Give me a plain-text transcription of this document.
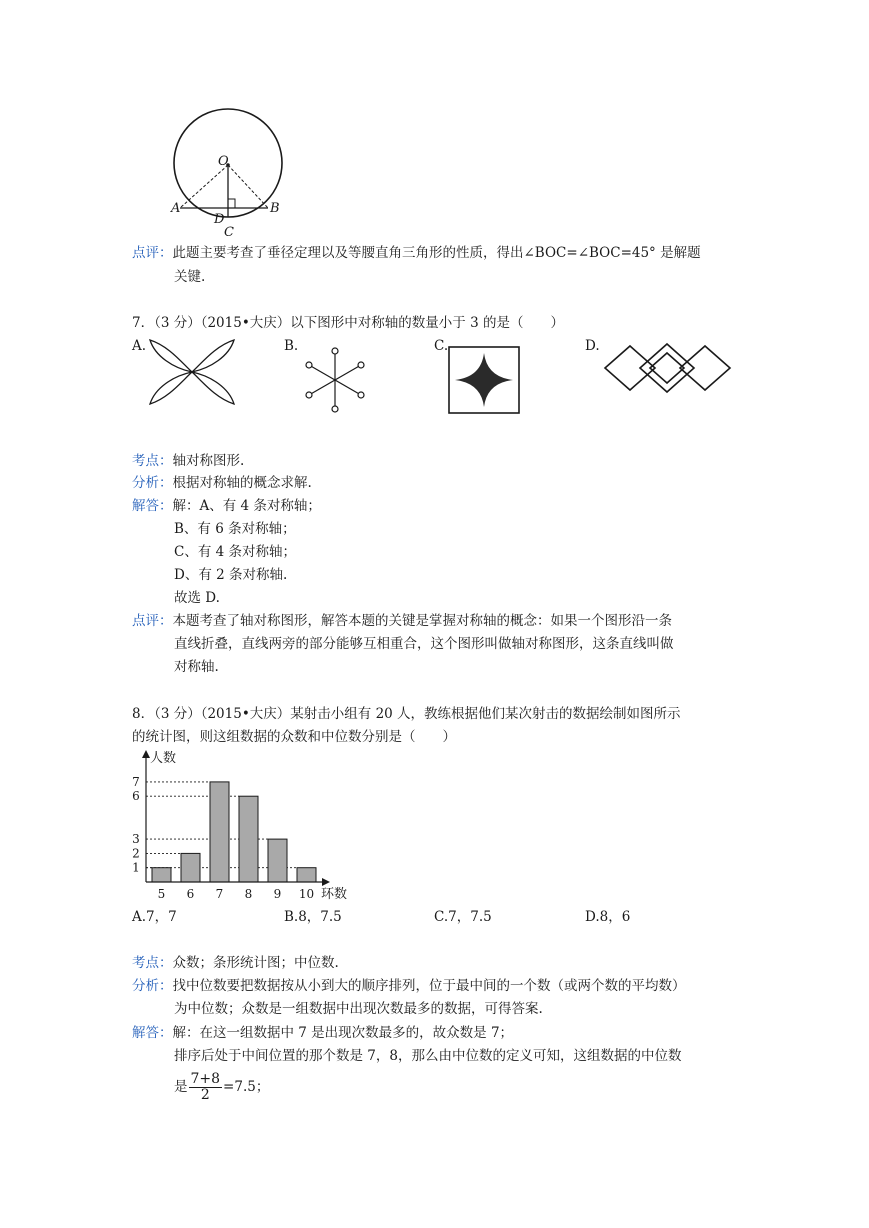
O
A
D
B
C
点评：此题主要考查了垂径定理以及等腰直角三角形的性质，得出∠BOC=∠BOC=45° 是解题
关键.
7．（3 分）（2015•大庆）以下图形中对称轴的数量小于 3 的是（　　）
A.	B.	C.	D.
考点：轴对称图形.
分析：根据对称轴的概念求解.
解答：解：A、有 4 条对称轴；
B、有 6 条对称轴；
C、有 4 条对称轴；
D、有 2 条对称轴.
故选 D.
点评：本题考查了轴对称图形，解答本题的关键是掌握对称轴的概念：如果一个图形沿一条
直线折叠，直线两旁的部分能够互相重合，这个图形叫做轴对称图形，这条直线叫做
对称轴.
8．（3 分）（2015•大庆）某射击小组有 20 人，教练根据他们某次射击的数据绘制如图所示
的统计图，则这组数据的众数和中位数分别是（　　）
人数
环数
1
2
3
6
7
5 6 7 8 9 10
A.7，7	B.8，7.5	C.7，7.5	D.8，6
考点：众数；条形统计图；中位数.
分析：找中位数要把数据按从小到大的顺序排列，位于最中间的一个数（或两个数的平均数）
为中位数；众数是一组数据中出现次数最多的数据，可得答案.
解答：解：在这一组数据中 7 是出现次数最多的，故众数是 7；
排序后处于中间位置的那个数是 7，8，那么由中位数的定义可知，这组数据的中位数
是 $\frac{7+8}{2} =7.5$；
